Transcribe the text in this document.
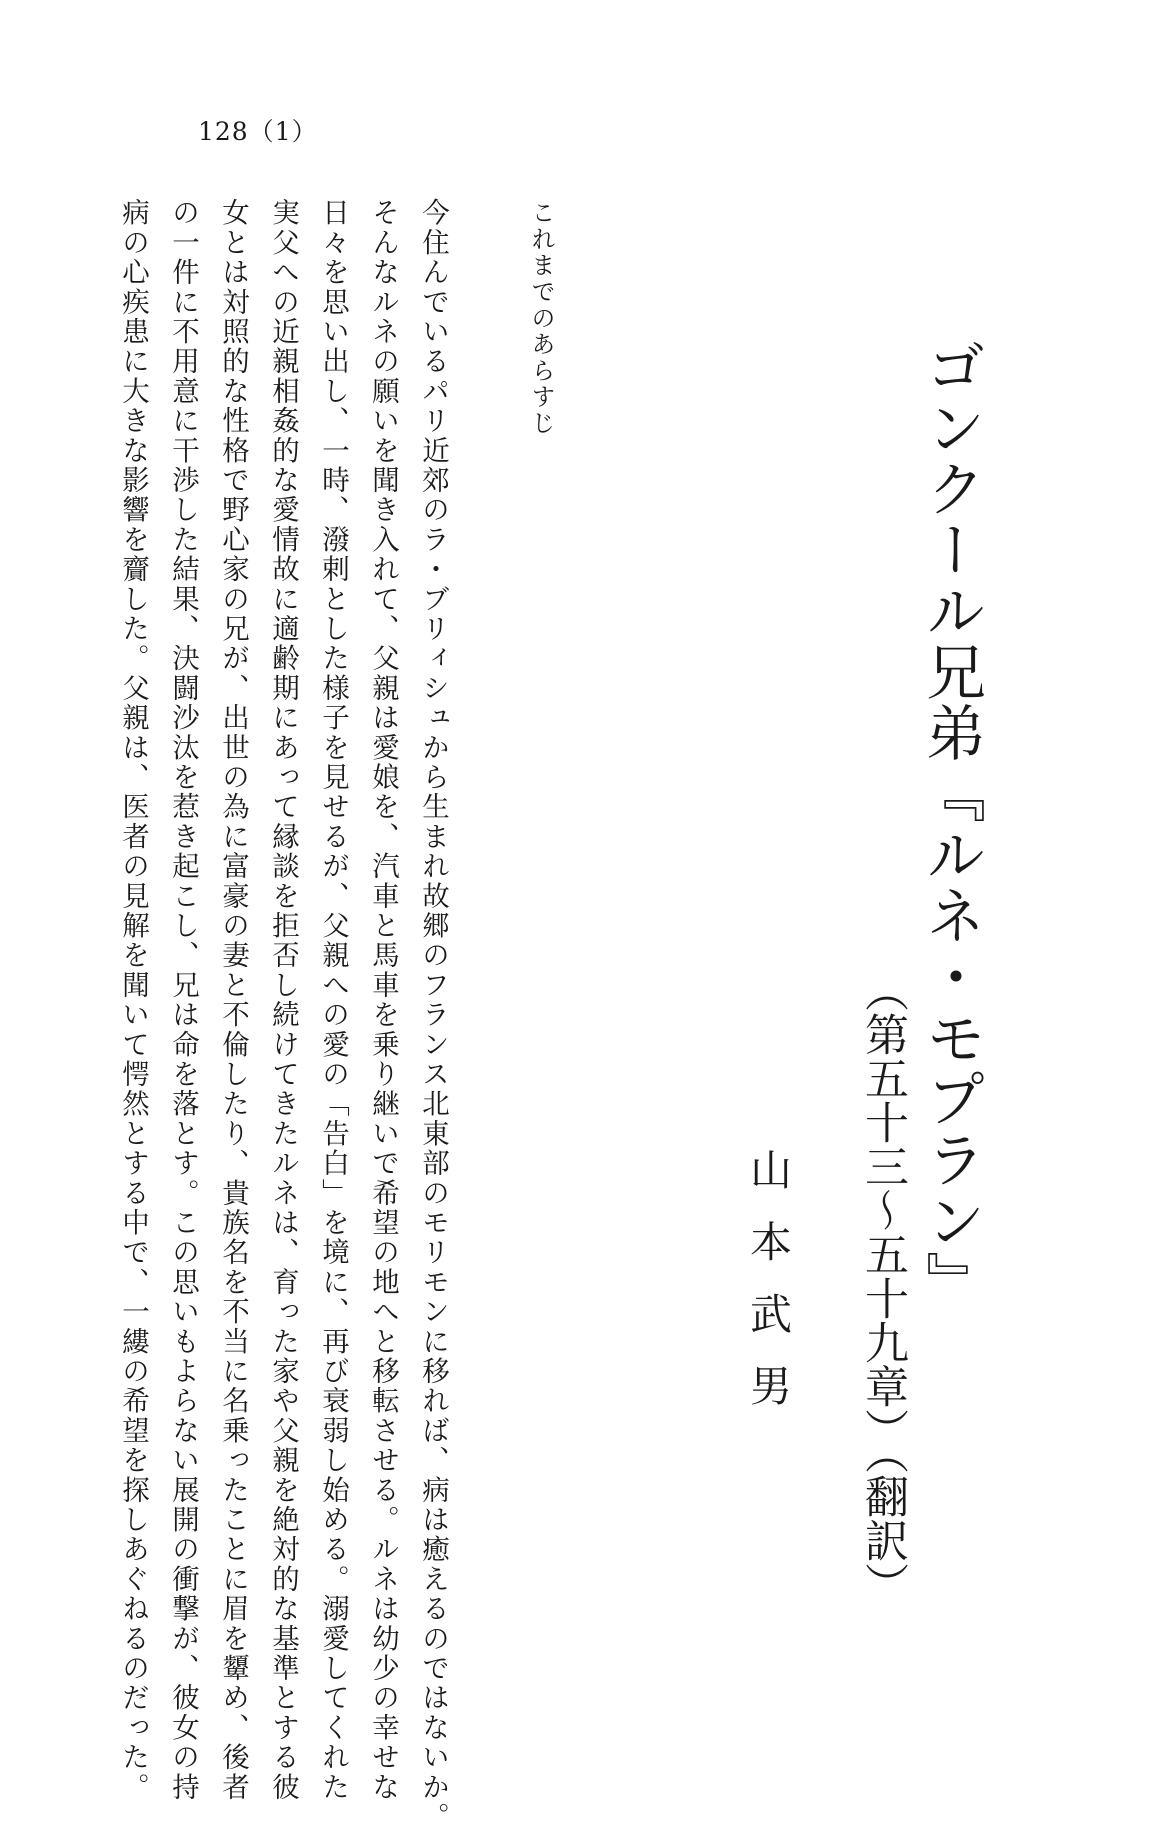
128（1）
ゴンクール兄弟『ルネ・モプラン』
（第五十三〜五十九章）（翻訳）
山本武男
これまでのあらすじ
今住んでいるパリ近郊のラ・ブリィシュから生まれ故郷のフランス北東部のモリモンに移れば、病は癒えるのではないか。
そんなルネの願いを聞き入れて、父親は愛娘を、汽車と馬車を乗り継いで希望の地へと移転させる。ルネは幼少の幸せな
日々を思い出し、一時、潑剌とした様子を見せるが、父親への愛の「告白」を境に、再び衰弱し始める。溺愛してくれた
実父への近親相姦的な愛情故に適齢期にあって縁談を拒否し続けてきたルネは、育った家や父親を絶対的な基準とする彼
女とは対照的な性格で野心家の兄が、出世の為に富豪の妻と不倫したり、貴族名を不当に名乗ったことに眉を顰め、後者
の一件に不用意に干渉した結果、決闘沙汰を惹き起こし、兄は命を落とす。この思いもよらない展開の衝撃が、彼女の持
病の心疾患に大きな影響を齎した。父親は、医者の見解を聞いて愕然とする中で、一縷の希望を探しあぐねるのだった。
